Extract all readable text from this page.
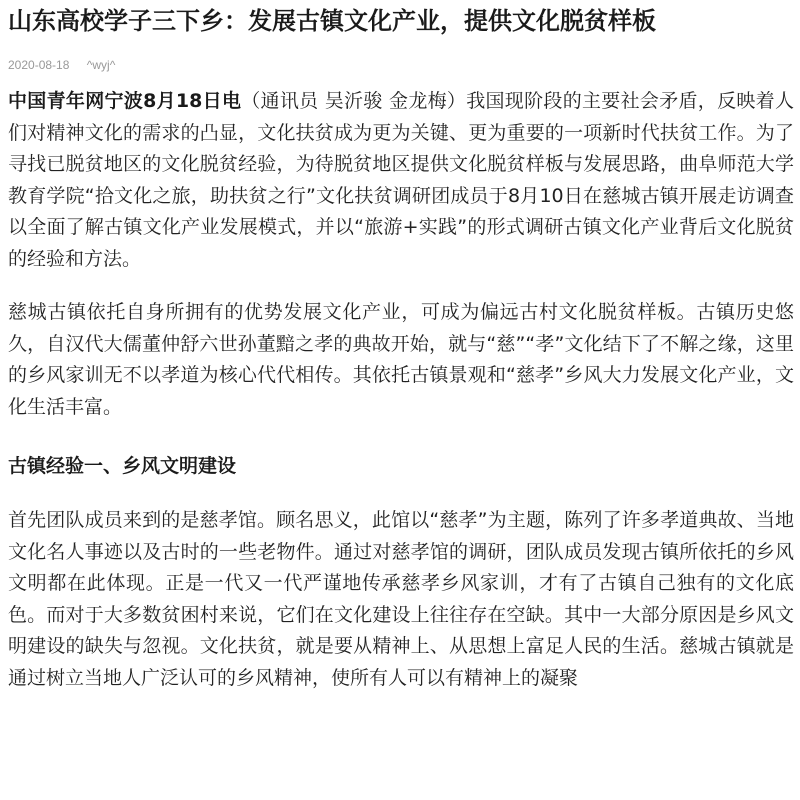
山东高校学子三下乡：发展古镇文化产业，提供文化脱贫样板
2020-08-18 ^wyj^

中国青年网宁波8月18日电（通讯员 吴沂骏 金龙梅）我国现阶段的主要社会矛盾，反映着人们对精神文化的需求的凸显，文化扶贫成为更为关键、更为重要的一项新时代扶贫工作。为了寻找已脱贫地区的文化脱贫经验，为待脱贫地区提供文化脱贫样板与发展思路，曲阜师范大学教育学院“拾文化之旅，助扶贫之行”文化扶贫调研团成员于8月10日在慈城古镇开展走访调查以全面了解古镇文化产业发展模式，并以“旅游+实践”的形式调研古镇文化产业背后文化脱贫的经验和方法。

慈城古镇依托自身所拥有的优势发展文化产业，可成为偏远古村文化脱贫样板。古镇历史悠久，自汉代大儒董仲舒六世孙董黯之孝的典故开始，就与“慈”“孝”文化结下了不解之缘，这里的乡风家训无不以孝道为核心代代相传。其依托古镇景观和“慈孝”乡风大力发展文化产业，文化生活丰富。

古镇经验一、乡风文明建设

首先团队成员来到的是慈孝馆。顾名思义，此馆以“慈孝”为主题，陈列了许多孝道典故、当地文化名人事迹以及古时的一些老物件。通过对慈孝馆的调研，团队成员发现古镇所依托的乡风文明都在此体现。正是一代又一代严谨地传承慈孝乡风家训，才有了古镇自己独有的文化底色。而对于大多数贫困村来说，它们在文化建设上往往存在空缺。其中一大部分原因是乡风文明建设的缺失与忽视。文化扶贫，就是要从精神上、从思想上富足人民的生活。慈城古镇就是通过树立当地人广泛认可的乡风精神，使所有人可以有精神上的凝聚
